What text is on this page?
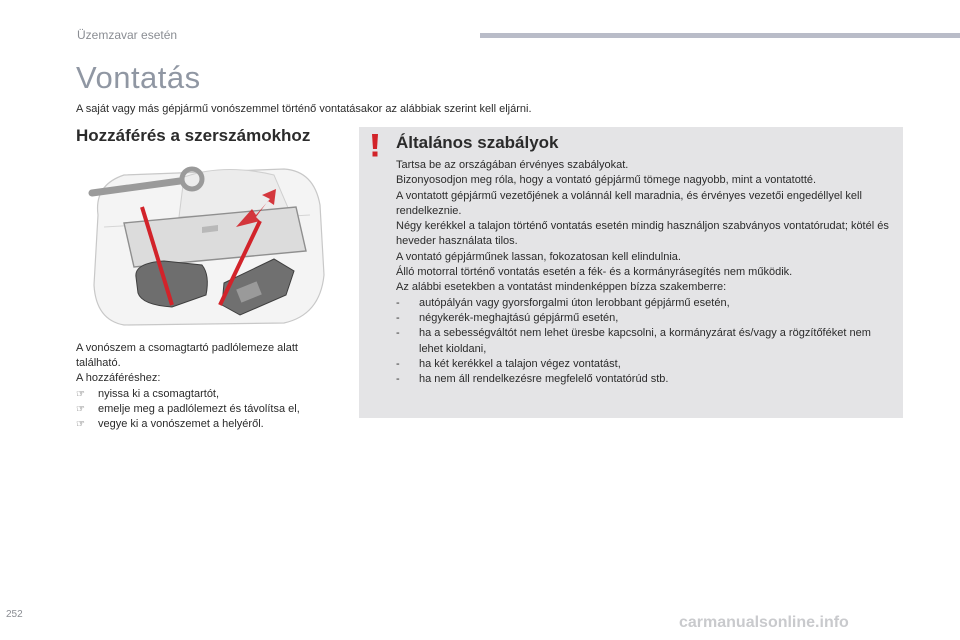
Üzemzavar esetén
Vontatás
A saját vagy más gépjármű vonószemmel történő vontatásakor az alábbiak szerint kell eljárni.
Hozzáférés a szerszámokhoz

A vonószem a csomagtartó padlólemeze alatt található.

A hozzáféréshez:

☞	nyissa ki a csomagtartót,
☞	emelje meg a padlólemezt és távolítsa el,
☞	vegye ki a vonószemet a helyéről.
Általános szabályok

Tartsa be az országában érvényes szabályokat.

Bizonyosodjon meg róla, hogy a vontató gépjármű tömege nagyobb, mint a vontatotté.

A vontatott gépjármű vezetőjének a volánnál kell maradnia, és érvényes vezetői engedéllyel kell rendelkeznie.

Négy kerékkel a talajon történő vontatás esetén mindig használjon szabványos vontatórudat; kötél és heveder használata tilos.

A vontató gépjárműnek lassan, fokozatosan kell elindulnia.

Álló motorral történő vontatás esetén a fék- és a kormányrásegítés nem működik.

Az alábbi esetekben a vontatást mindenképpen bízza szakemberre:

-	autópályán vagy gyorsforgalmi úton lerobbant gépjármű esetén,
-	négykerék-meghajtású gépjármű esetén,
-	ha a sebességváltót nem lehet üresbe kapcsolni, a kormányzárat és/vagy a rögzítőféket nem lehet kioldani,
-	ha két kerékkel a talajon végez vontatást,
-	ha nem áll rendelkezésre megfelelő vontatórúd stb.
252	carmanualsonline.info
